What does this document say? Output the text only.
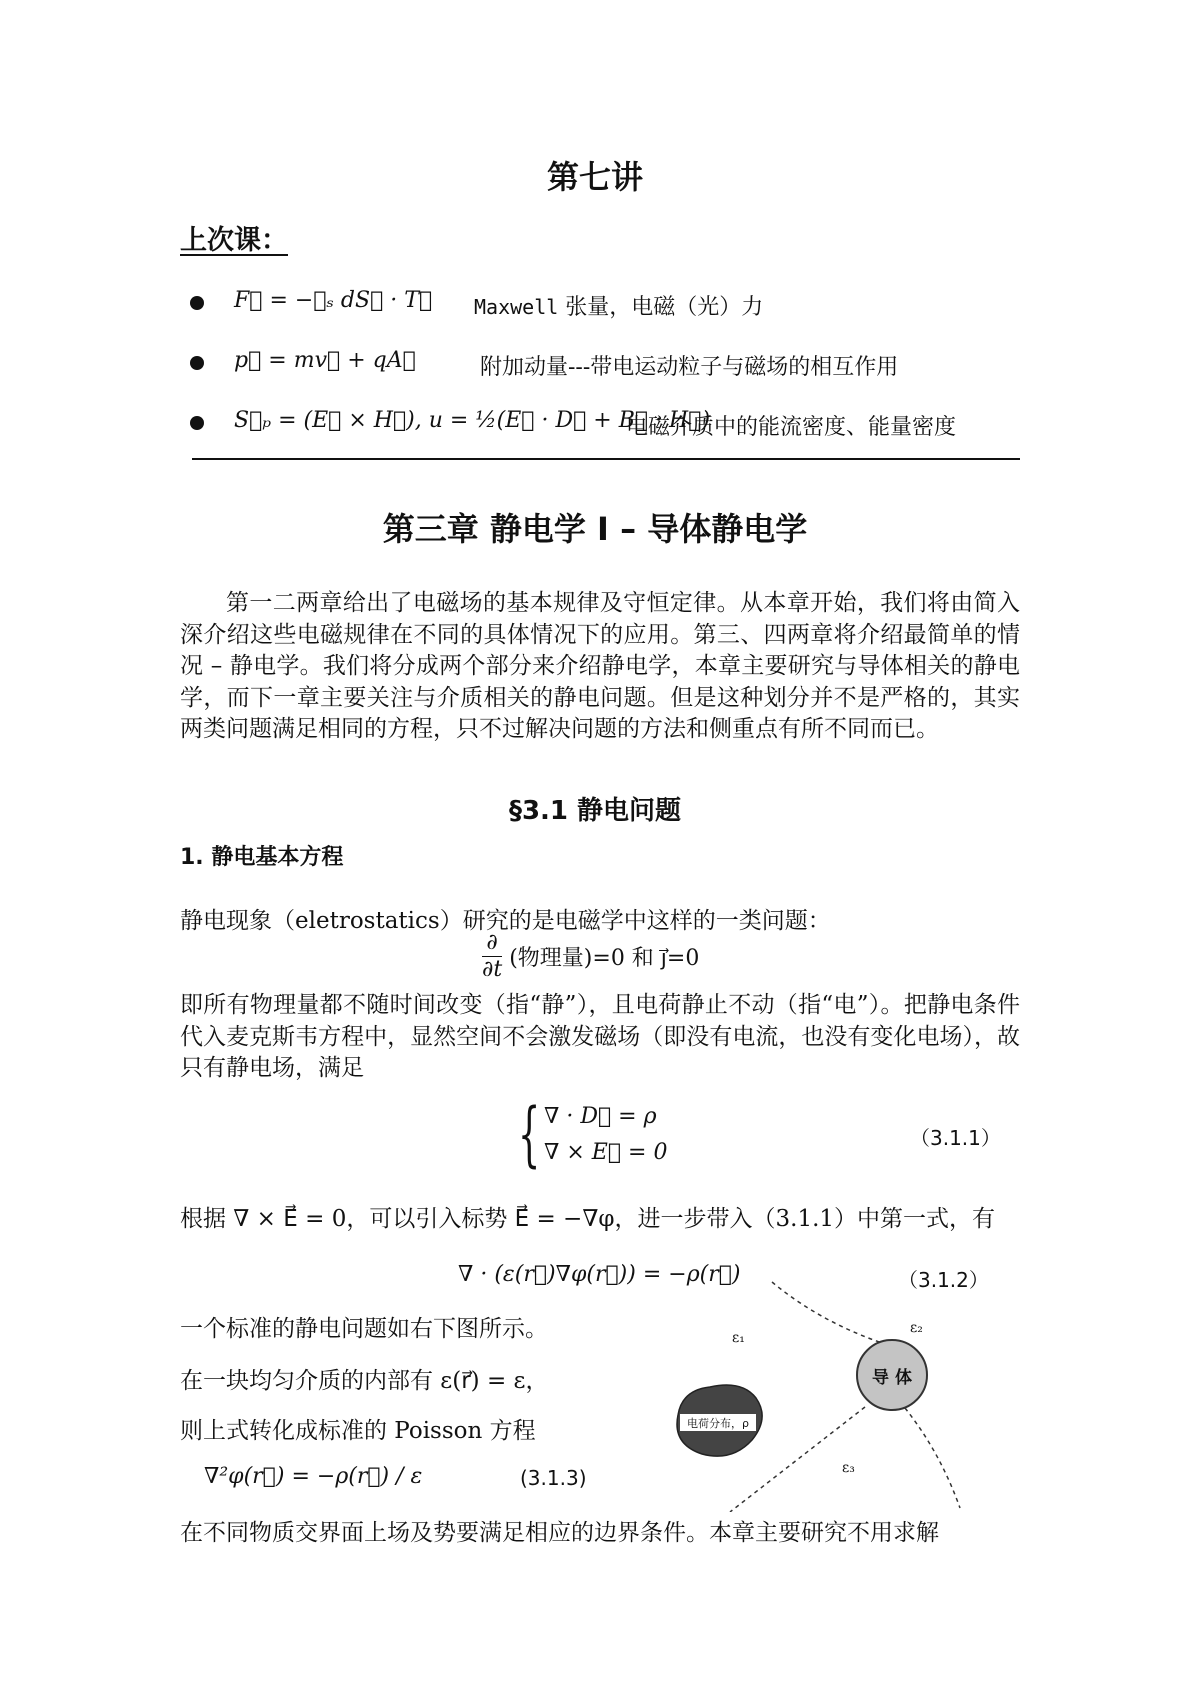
第七讲
上次课：
F⃗ = −∮ₛ dS⃗ · T⃡ Maxwell 张量，电磁（光）力
p⃗ = mv⃗ + qA⃗	附加动量---带电运动粒子与磁场的相互作用
S⃗ₚ = (E⃗ × H⃗), u = ½(E⃗ · D⃗ + B⃗ · H⃗)
电磁介质中的能流密度、能量密度
第三章 静电学 I – 导体静电学
第一二两章给出了电磁场的基本规律及守恒定律。从本章开始，我们将由简入深介绍这些电磁规律在不同的具体情况下的应用。第三、四两章将介绍最简单的情况 – 静电学。我们将分成两个部分来介绍静电学，本章主要研究与导体相关的静电学，而下一章主要关注与介质相关的静电问题。但是这种划分并不是严格的，其实两类问题满足相同的方程，只不过解决问题的方法和侧重点有所不同而已。
§3.1 静电问题
1. 静电基本方程
静电现象（eletrostatics）研究的是电磁学中这样的一类问题：
$\frac{\partial}{\partial t}$ (物理量)=0 和 j⃗=0
即所有物理量都不随时间改变（指“静”），且电荷静止不动（指“电”）。把静电条件代入麦克斯韦方程中，显然空间不会激发磁场（即没有电流，也没有变化电场），故只有静电场，满足
{ ∇ · D⃗ = ρ
∇ × E⃗ = 0
（3.1.1）
根据 ∇ × E⃗ = 0，可以引入标势 E⃗ = −∇φ，进一步带入（3.1.1）中第一式，有
∇ · (ε(r⃗)∇φ(r⃗)) = −ρ(r⃗)	（3.1.2）
一个标准的静电问题如右下图所示。
在一块均匀介质的内部有 ε(r⃗) = ε，
则上式转化成标准的 Poisson 方程
∇²φ(r⃗) = −ρ(r⃗) / ε	(3.1.3)
在不同物质交界面上场及势要满足相应的边界条件。本章主要研究不用求解
导 体
电荷分布，ρ
ε₁
ε₂
ε₃
